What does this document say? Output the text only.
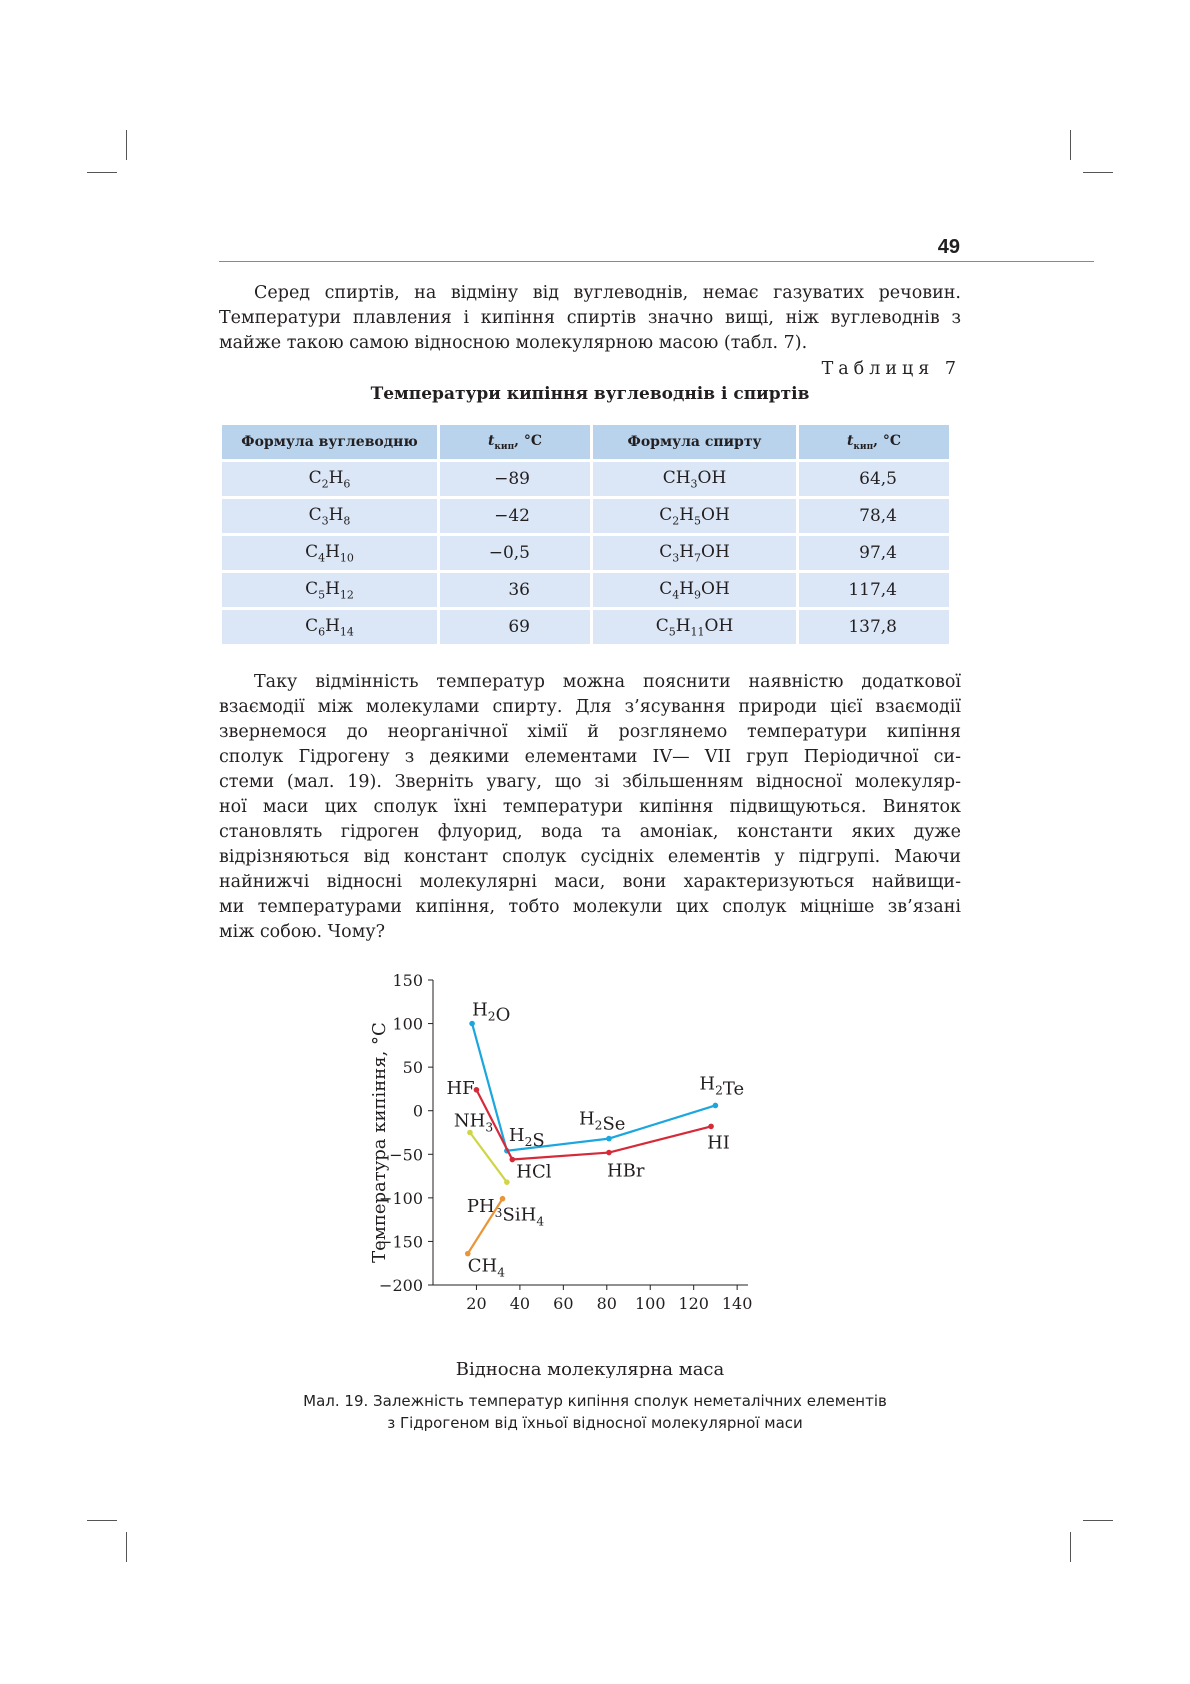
49

Серед спиртів, на відміну від вуглеводнів, немає газуватих речовин.
Температури плавления і кипіння спиртів значно вищі, ніж вуглеводнів з
майже такою самою відносною молекулярною масою (табл. 7).

Таблиця 7
Температури кипіння вуглеводнів і спиртів
Формула вуглеводню	$t_{кип}$, °С	Формула спирту	$t_{кип}$, °С
$C_2H_6$	−89	$CH_3OH$	64,5
$C_3H_8$	−42	$C_2H_5OH$	78,4
$C_4H_{10}$	−0,5	$C_3H_7OH$	97,4
$C_5H_{12}$	36	$C_4H_9OH$	117,4
$C_6H_{14}$	69	$C_5H_{11}OH$	137,8

Таку відмінність температур можна пояснити наявністю додаткової
взаємодії між молекулами спирту. Для з’ясування природи цієї взаємодії
звернемося до неорганічної хімії й розглянемо температури кипіння
сполук Гідрогену з деякими елементами IV— VII груп Періодичної си-
стеми (мал. 19). Зверніть увагу, що зі збільшенням відносної молекуляр-
ної маси цих сполук їхні температури кипіння підвищуються. Виняток
становлять гідроген флуорид, вода та амоніак, константи яких дуже
відрізняються від констант сполук сусідніх елементів у підгрупі. Маючи
найнижчі відносні молекулярні маси, вони характеризуються найвищи-
ми температурами кипіння, тобто молекули цих сполук міцніше зв’язані
між собою. Чому?

150
100
50
0
−50
−100
−150
−200
20 40 60 80 100 120 140
Відносна молекулярна маса
Температура кипіння, °С
$H_2O$
$H_2S$
$H_2Se$
$H_2Te$
HF
HCl	HBr
HI
$NH_3$
$PH_3$
$CH_4$
SiH$_4$
Мал. 19. Залежність температур кипіння сполук неметалічних елементів
з Гідрогеном від їхньої відносної молекулярної маси
